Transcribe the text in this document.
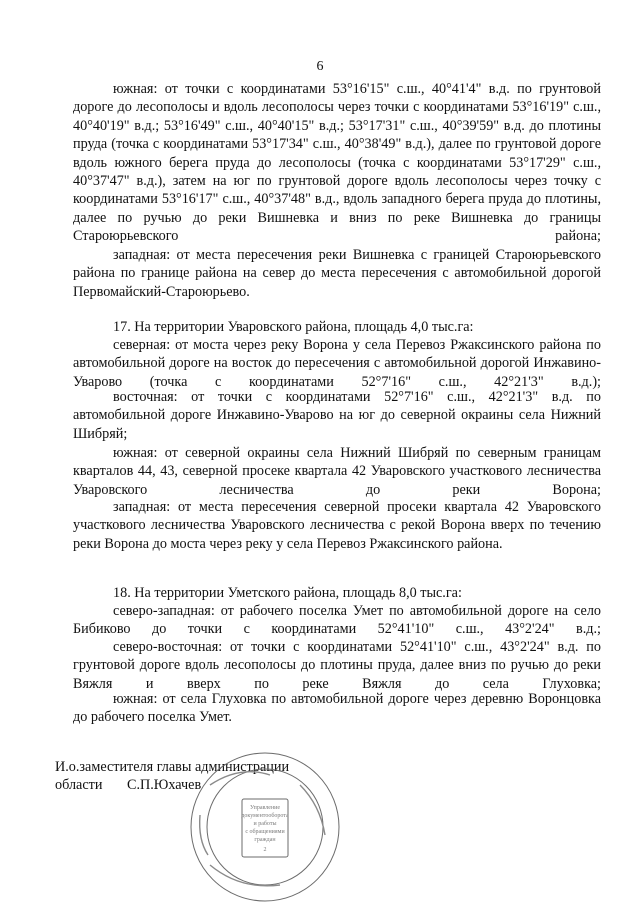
6

южная: от точки с координатами 53°16'15" с.ш., 40°41'4" в.д. по грунтовой дороге до лесополосы и вдоль лесополосы через точки с координатами 53°16'19" с.ш., 40°40'19" в.д.; 53°16'49" с.ш., 40°40'15" в.д.; 53°17'31" с.ш., 40°39'59" в.д. до плотины пруда (точка с координатами 53°17'34" с.ш., 40°38'49" в.д.), далее по грунтовой дороге вдоль южного берега пруда до лесополосы (точка с координатами 53°17'29" с.ш., 40°37'47" в.д.), затем на юг по грунтовой дороге вдоль лесополосы через точку с координатами 53°16'17" с.ш., 40°37'48" в.д., вдоль западного берега пруда до плотины, далее по ручью до реки Вишневка и вниз по реке Вишневка до границы Староюрьевского района;

западная: от места пересечения реки Вишневка с границей Староюрьевского района по границе района на север до места пересечения с автомобильной дорогой Первомайский-Староюрьево.

17. На территории Уваровского района, площадь 4,0 тыс.га:

северная: от моста через реку Ворона у села Перевоз Ржаксинского района по автомобильной дороге на восток до пересечения с автомобильной дорогой Инжавино-Уварово (точка с координатами 52°7'16" с.ш., 42°21'3" в.д.);

восточная: от точки с координатами 52°7'16" с.ш., 42°21'3" в.д. по автомобильной дороге Инжавино-Уварово на юг до северной окраины села Нижний Шибряй;

южная: от северной окраины села Нижний Шибряй по северным границам кварталов 44, 43, северной просеке квартала 42 Уваровского участкового лесничества Уваровского лесничества до реки Ворона;

западная: от места пересечения северной просеки квартала 42 Уваровского участкового лесничества Уваровского лесничества с рекой Ворона вверх по течению реки Ворона до моста через реку у села Перевоз Ржаксинского района.

18. На территории Уметского района, площадь 8,0 тыс.га:

северо-западная: от рабочего поселка Умет по автомобильной дороге на село Бибиково до точки с координатами 52°41'10" с.ш., 43°2'24" в.д.;

северо-восточная: от точки с координатами 52°41'10" с.ш., 43°2'24" в.д. по грунтовой дороге вдоль лесополосы до плотины пруда, далее вниз по ручью до реки Вяжля и вверх по реке Вяжля до села Глуховка;

южная: от села Глуховка по автомобильной дороге через деревню Воронцовка до рабочего поселка Умет.

И.о.заместителя главы администрации
области С.П.Юхачев
Управление
документооборота
и работы
с обращениями
граждан
2
